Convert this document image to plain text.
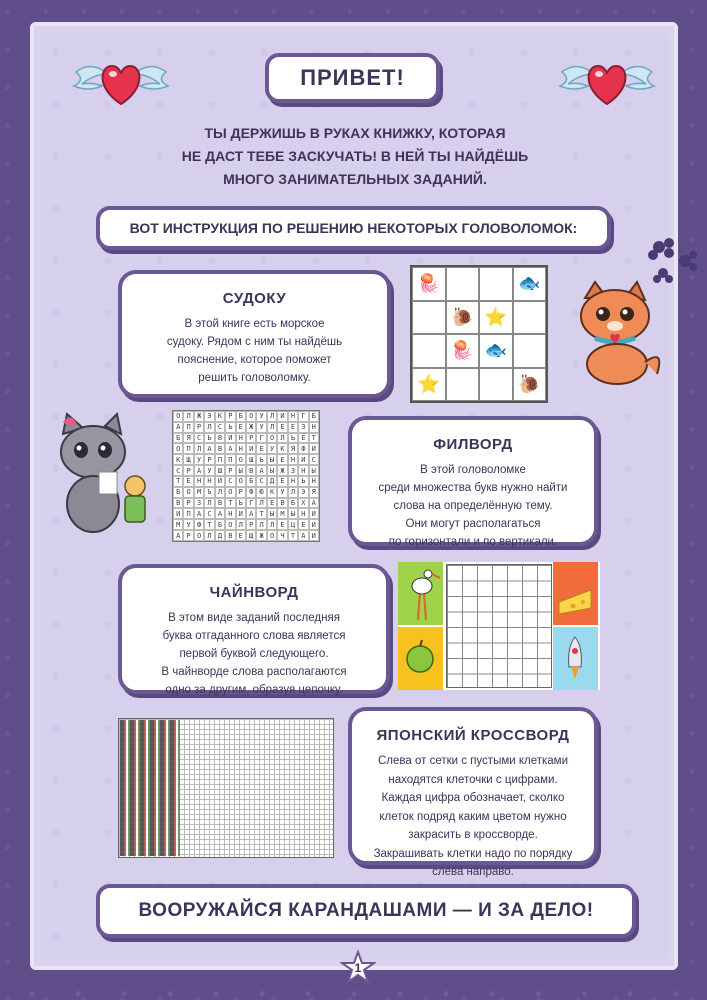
ПРИВЕТ!
ТЫ ДЕРЖИШЬ В РУКАХ КНИЖКУ, КОТОРАЯ
НЕ ДАСТ ТЕБЕ ЗАСКУЧАТЬ! В НЕЙ ТЫ НАЙДЁШЬ
МНОГО ЗАНИМАТЕЛЬНЫХ ЗАДАНИЙ.
ВОТ ИНСТРУКЦИЯ ПО РЕШЕНИЮ НЕКОТОРЫХ ГОЛОВОЛОМОК:
СУДОКУ

В этой книге есть морское
судоку. Рядом с ним ты найдёшь
пояснение, которое поможет
решить головоломку.

🪼	🐟
🐌 ⭐
🪼 🐟
⭐	🐌
О Л Ж Э К Р Б О У Л И Н Г Б
А П Р Л С Ь Е Ж У Л Е Е З Н
Б Я С Ь В И Н Р Г О Л Ь Ё Т
О П Л А В А Н И Е У К Я Ф И
К Щ У Р П П О Ш Ь Ы Е Н И С
С Р А У Ш Р Ы В А Ы Ж З Н Ы
Т Е Н Н И С О Б С Д Е Н Ь Н
Б О М Ъ Л О Р Ф Ю К У Л Э Я
В Р З Л В Т Ь Г Л Е В Б Х А
И П А С А Н И А Т Ы М Ы Н И
М У Ф Т Б О Л Р Л Л Е Ц Е И
А Р О Л Д В Е Щ Ж О Ч Т А И
ФИЛВОРД

В этой головоломке
среди множества букв нужно найти
слова на определённую тему.
Они могут располагаться
по горизонтали и по вертикали.

ЧАЙНВОРД

В этом виде заданий последняя
буква отгаданного слова является
первой буквой следующего.
В чайнворде слова располагаются
одно за другим, образуя цепочку.

ЯПОНСКИЙ КРОССВОРД

Слева от сетки с пустыми клетками
находятся клеточки с цифрами.
Каждая цифра обозначает, сколко
клеток подряд каким цветом нужно
закрасить в кроссворде.
Закрашивать клетки надо по порядку
слева направо.

ВООРУЖАЙСЯ КАРАНДАШАМИ — И ЗА ДЕЛО!
1
